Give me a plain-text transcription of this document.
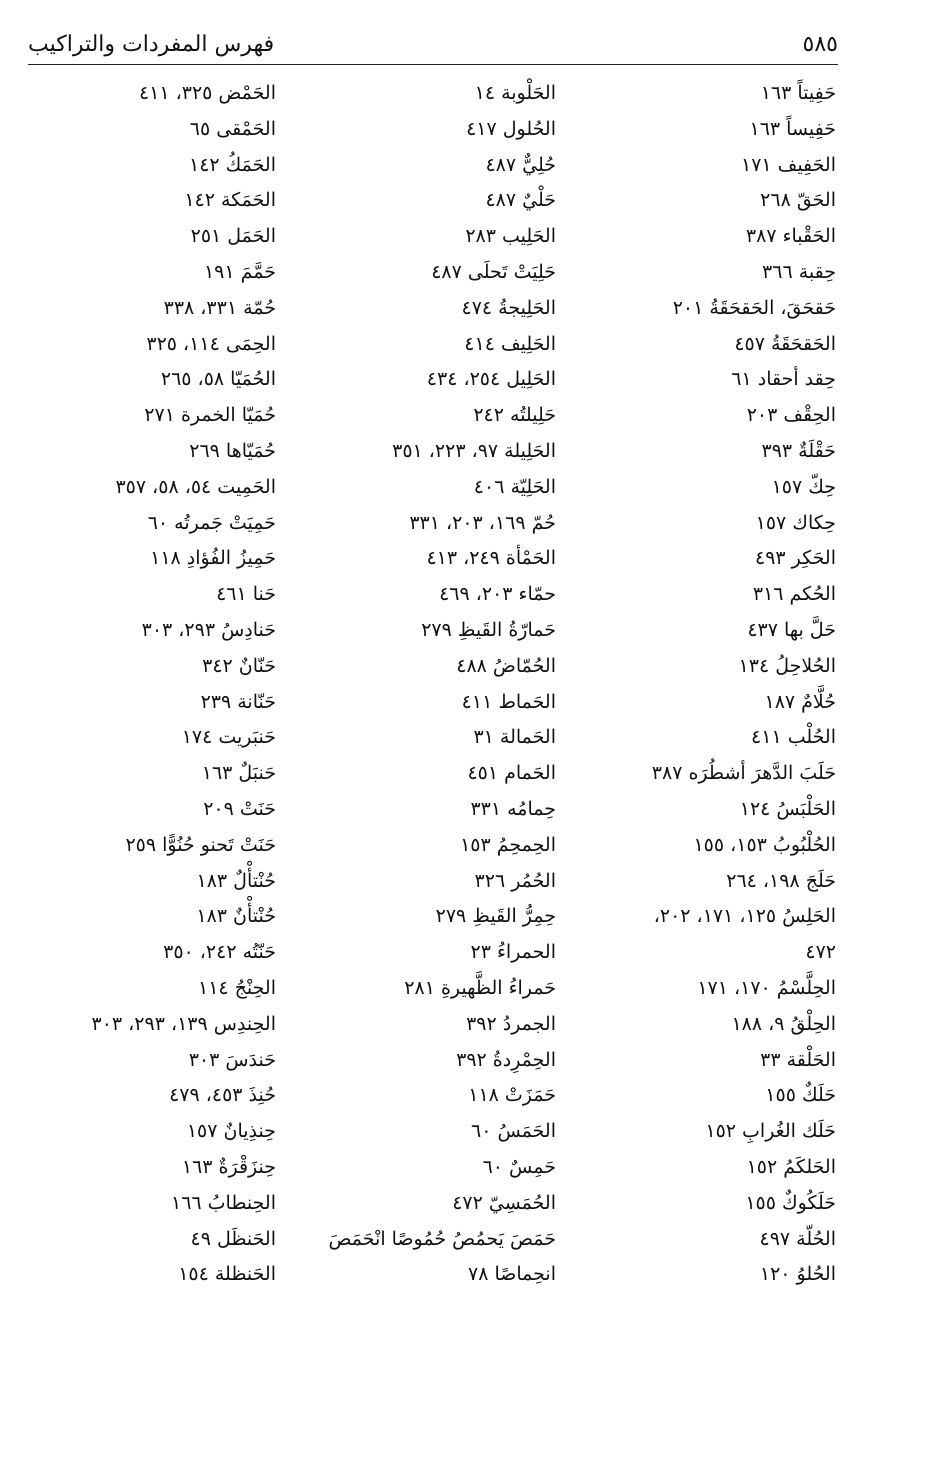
٥٨٥
فهرس المفردات والتراكيب
حَفِيتاً ١٦٣
حَفِيساً ١٦٣
الحَفِيف ١٧١
الحَقّ ٢٦٨
الحَقْباء ٣٨٧
حِقبة ٣٦٦
حَقحَقَ، الحَقحَقَةُ ٢٠١
الحَقحَقَةُ ٤٥٧
حِقد أحقاد ٦١
الحِقْف ٢٠٣
حَقْلَةٌ ٣٩٣
حِكّ ١٥٧
حِكاك ١٥٧
الحَكِر ٤٩٣
الحُكم ٣١٦
حَلَّ بها ٤٣٧
الحُلاحِلُ ١٣٤
حُلَّامٌ ١٨٧
الحُلْب ٤١١
حَلَبَ الدَّهرَ أشطُرَه ٣٨٧
الحَلْبَسُ ١٢٤
الحُلْبُوبُ ١٥٣، ١٥٥
حَلَجَ ١٩٨، ٢٦٤
الحَلِسُ ١٢٥، ١٧١، ٢٠٢،
٤٧٢
الحِلَّسْمُ ١٧٠، ١٧١
الحِلْقُ ٩، ١٨٨
الحَلْقة ٣٣
حَلَكٌ ١٥٥
حَلَك الغُرابِ ١٥٢
الحَلكَمُ ١٥٢
حَلَكُوكٌ ١٥٥
الحُلّة ٤٩٧
الحُلوُ ١٢٠
الحَلْوبة ١٤
الحُلول ٤١٧
حُلِيٌّ ٤٨٧
حَلْيٌ ٤٨٧
الحَلِيب ٢٨٣
حَلِيَتْ تَحلَى ٤٨٧
الحَلِيجةُ ٤٧٤
الحَلِيف ٤١٤
الحَلِيل ٢٥٤، ٤٣٤
حَلِيلتُه ٢٤٢
الحَلِيلة ٩٧، ٢٢٣، ٣٥١
الحَلِيّة ٤٠٦
حُمّ ١٦٩، ٢٠٣، ٣٣١
الحَمْأة ٢٤٩، ٤١٣
حمّاء ٢٠٣، ٤٦٩
حَمارّةُ القَيظِ ٢٧٩
الحُمّاضُ ٤٨٨
الحَماط ٤١١
الحَمالة ٣١
الحَمام ٤٥١
حِمامُه ٣٣١
الحِمحِمُ ١٥٣
الحُمُر ٣٢٦
حِمِرُّ القَيظِ ٢٧٩
الحمراءُ ٢٣
حَمراءُ الظَّهيرةِ ٢٨١
الجمردُ ٣٩٢
الحِمْرِدةُ ٣٩٢
حَمَزَتْ ١١٨
الحَمَسُ ٦٠
حَمِسٌ ٦٠
الحُمَسِيّ ٤٧٢
حَمَصَ يَحمُصُ حُمُوصًا انْحَمَصَ
انحِماصًا ٧٨
الحَمْض ٣٢٥، ٤١١
الحَمْقى ٦٥
الحَمَكُ ١٤٢
الحَمَكة ١٤٢
الحَمَل ٢٥١
حَمَّمَ ١٩١
حُمّة ٣٣١، ٣٣٨
الحِمَى ١١٤، ٣٢٥
الحُمَيّا ٥٨، ٢٦٥
حُمَيّا الخمرة ٢٧١
حُمَيّاها ٢٦٩
الحَمِيت ٥٤، ٥٨، ٣٥٧
حَمِيَتْ جَمرتُه ٦٠
حَمِيزُ الفُؤادِ ١١٨
حَنا ٤٦١
حَنادِسُ ٢٩٣، ٣٠٣
حَنّانٌ ٣٤٢
حَنّانة ٢٣٩
حَنبَريت ١٧٤
حَنبَلٌ ١٦٣
حَنَتْ ٢٠٩
حَنَتْ تَحنو حُنُوًّا ٢٥٩
حُنْتأْلٌ ١٨٣
حُنْتأْنٌ ١٨٣
حَنّتُه ٢٤٢، ٣٥٠
الحِنْجُ ١١٤
الحِندِس ١٣٩، ٢٩٣، ٣٠٣
حَندَسَ ٣٠٣
حُنِذَ ٤٥٣، ٤٧٩
حِنذِيانٌ ١٥٧
حِنزَقْرَةٌ ١٦٣
الحِنطابُ ١٦٦
الحَنظَل ٤٩
الحَنظلة ١٥٤
